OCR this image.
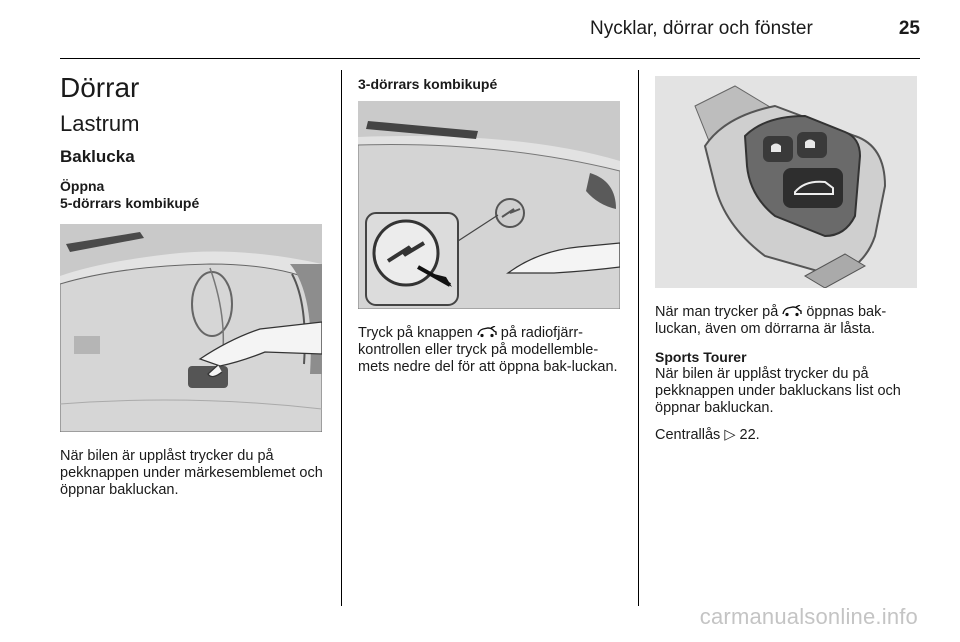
Nycklar, dörrar och fönster	25
Dörrar
Lastrum
Baklucka
Öppna
5-dörrars kombikupé

När bilen är upplåst trycker du på pekknappen under märkesemblemet och öppnar bakluckan.

3-dörrars kombikupé

Tryck på knappen på radiofjärr-kontrollen eller tryck på modellemble-mets nedre del för att öppna bak-luckan.

När man trycker på öppnas bak-luckan, även om dörrarna är låsta.

Sports Tourer

När bilen är upplåst trycker du på pekknappen under bakluckans list och öppnar bakluckan.

Centrallås ▷ 22.

carmanualsonline.info
